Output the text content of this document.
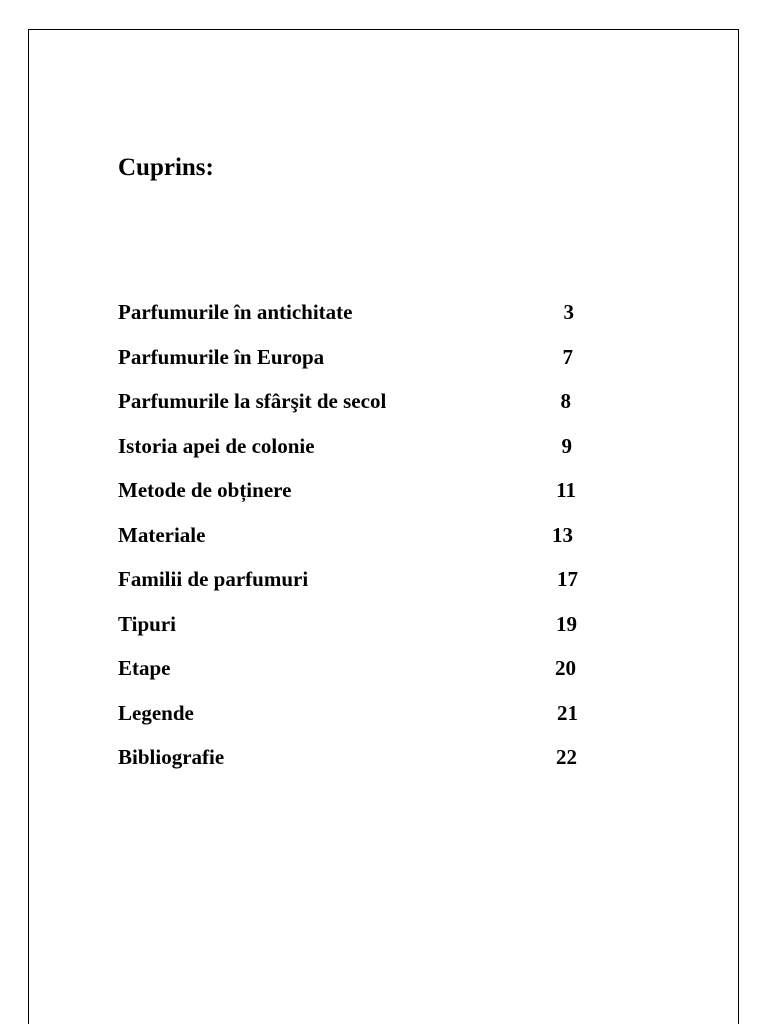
Cuprins:
Parfumurile în antichitate	3
Parfumurile în Europa	7
Parfumurile la sfârşit de secol	8
Istoria apei de colonie	9
Metode de obținere	11
Materiale	13
Familii de parfumuri	17
Tipuri	19
Etape	20
Legende	21
Bibliografie	22
